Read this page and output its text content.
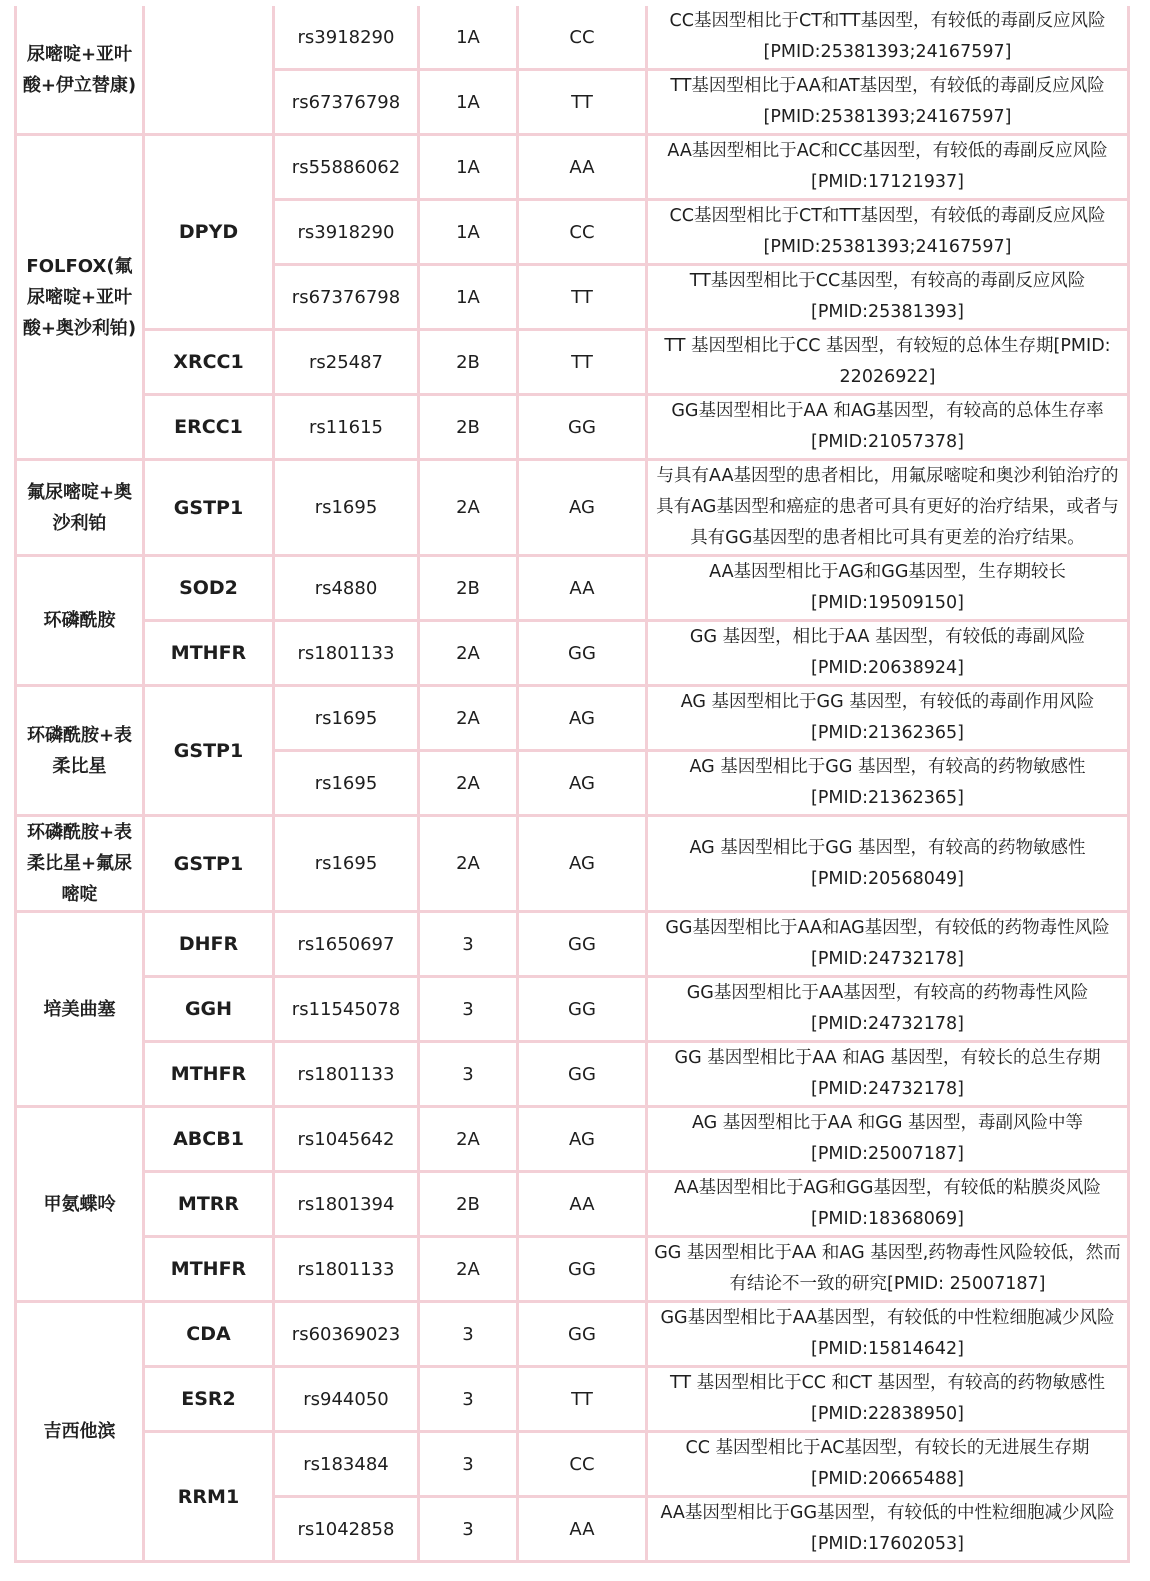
尿嘧啶+亚叶酸+伊立替康)		rs3918290	1A	CC	CC基因型相比于CT和TT基因型，有较低的毒副反应风险[PMID:25381393;24167597]
		rs67376798	1A	TT	TT基因型相比于AA和AT基因型，有较低的毒副反应风险[PMID:25381393;24167597]
FOLFOX(氟尿嘧啶+亚叶酸+奥沙利铂)	DPYD	rs55886062	1A	AA	AA基因型相比于AC和CC基因型，有较低的毒副反应风险[PMID:17121937]
		rs3918290	1A	CC	CC基因型相比于CT和TT基因型，有较低的毒副反应风险[PMID:25381393;24167597]
		rs67376798	1A	TT	TT基因型相比于CC基因型，有较高的毒副反应风险[PMID:25381393]
	XRCC1	rs25487	2B	TT	TT 基因型相比于CC 基因型，有较短的总体生存期[PMID: 22026922]
	ERCC1	rs11615	2B	GG	GG基因型相比于AA 和AG基因型，有较高的总体生存率[PMID:21057378]
氟尿嘧啶+奥沙利铂	GSTP1	rs1695	2A	AG	与具有AA基因型的患者相比，用氟尿嘧啶和奥沙利铂治疗的具有AG基因型和癌症的患者可具有更好的治疗结果，或者与具有GG基因型的患者相比可具有更差的治疗结果。
环磷酰胺	SOD2	rs4880	2B	AA	AA基因型相比于AG和GG基因型，生存期较长[PMID:19509150]
	MTHFR	rs1801133	2A	GG	GG 基因型，相比于AA 基因型，有较低的毒副风险[PMID:20638924]
环磷酰胺+表柔比星	GSTP1	rs1695	2A	AG	AG 基因型相比于GG 基因型，有较低的毒副作用风险[PMID:21362365]
		rs1695	2A	AG	AG 基因型相比于GG 基因型，有较高的药物敏感性[PMID:21362365]
环磷酰胺+表柔比星+氟尿嘧啶	GSTP1	rs1695	2A	AG	AG 基因型相比于GG 基因型，有较高的药物敏感性[PMID:20568049]
培美曲塞	DHFR	rs1650697	3	GG	GG基因型相比于AA和AG基因型，有较低的药物毒性风险[PMID:24732178]
	GGH	rs11545078	3	GG	GG基因型相比于AA基因型，有较高的药物毒性风险[PMID:24732178]
	MTHFR	rs1801133	3	GG	GG 基因型相比于AA 和AG 基因型，有较长的总生存期[PMID:24732178]
甲氨蝶呤	ABCB1	rs1045642	2A	AG	AG 基因型相比于AA 和GG 基因型，毒副风险中等[PMID:25007187]
	MTRR	rs1801394	2B	AA	AA基因型相比于AG和GG基因型，有较低的粘膜炎风险[PMID:18368069]
	MTHFR	rs1801133	2A	GG	GG 基因型相比于AA 和AG 基因型,药物毒性风险较低，然而有结论不一致的研究[PMID: 25007187]
吉西他滨	CDA	rs60369023	3	GG	GG基因型相比于AA基因型，有较低的中性粒细胞减少风险[PMID:15814642]
	ESR2	rs944050	3	TT	TT 基因型相比于CC 和CT 基因型，有较高的药物敏感性[PMID:22838950]
	RRM1	rs183484	3	CC	CC 基因型相比于AC基因型，有较长的无进展生存期[PMID:20665488]
		rs1042858	3	AA	AA基因型相比于GG基因型，有较低的中性粒细胞减少风险[PMID:17602053]
